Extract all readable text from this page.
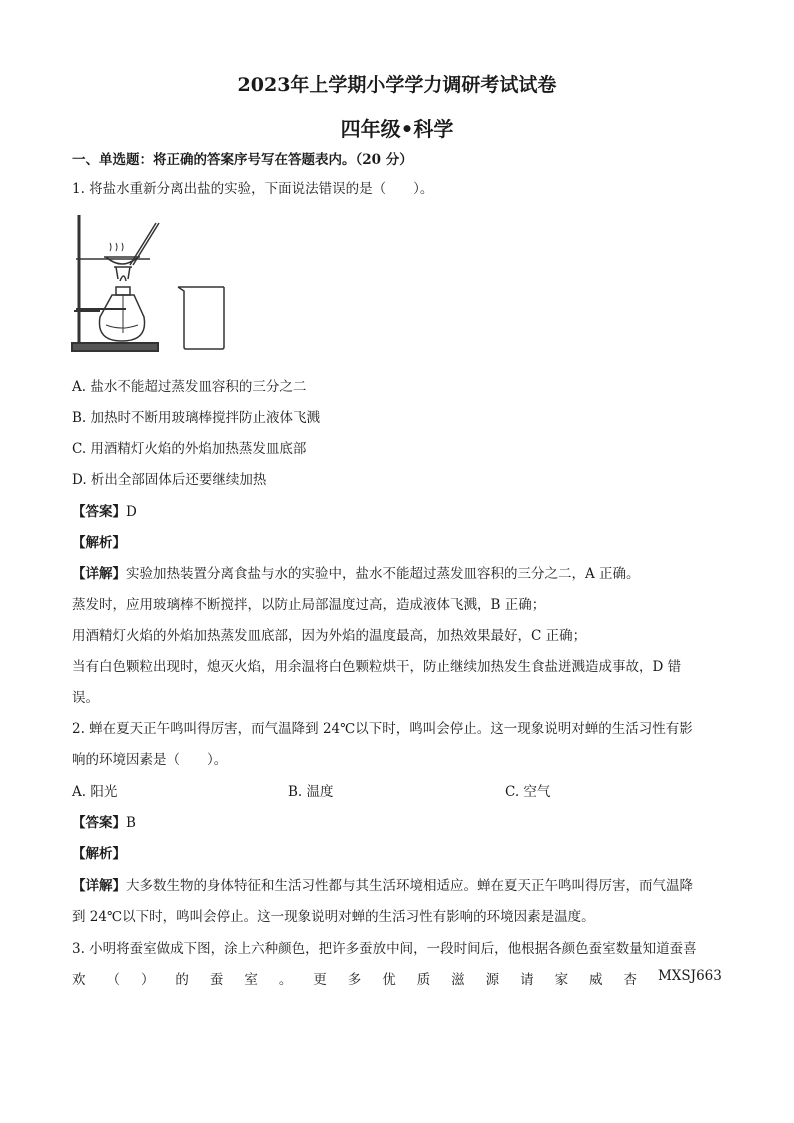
2023年上学期小学学力调研考试试卷
四年级•科学
一、单选题：将正确的答案序号写在答题表内。（20 分）
1. 将盐水重新分离出盐的实验，下面说法错误的是（　　）。
A. 盐水不能超过蒸发皿容积的三分之二
B. 加热时不断用玻璃棒搅拌防止液体飞溅
C. 用酒精灯火焰的外焰加热蒸发皿底部
D. 析出全部固体后还要继续加热
【答案】D
【解析】
【详解】实验加热装置分离食盐与水的实验中，盐水不能超过蒸发皿容积的三分之二，A 正确。
蒸发时，应用玻璃棒不断搅拌，以防止局部温度过高，造成液体飞溅，B 正确；
用酒精灯火焰的外焰加热蒸发皿底部，因为外焰的温度最高，加热效果最好，C 正确；
当有白色颗粒出现时，熄灭火焰，用余温将白色颗粒烘干，防止继续加热发生食盐迸溅造成事故，D 错
误。
2. 蝉在夏天正午鸣叫得厉害，而气温降到 24℃以下时，鸣叫会停止。这一现象说明对蝉的生活习性有影
响的环境因素是（　　）。
A. 阳光	B. 温度	C. 空气
【答案】B
【解析】
【详解】大多数生物的身体特征和生活习性都与其生活环境相适应。蝉在夏天正午鸣叫得厉害，而气温降
到 24℃以下时，鸣叫会停止。这一现象说明对蝉的生活习性有影响的环境因素是温度。
3. 小明将蚕室做成下图，涂上六种颜色，把许多蚕放中间，一段时间后，他根据各颜色蚕室数量知道蚕喜
欢 （ ） 的 蚕 室 。 更 多 优 质 滋 源 请 家 威 杏 MXSJ663
